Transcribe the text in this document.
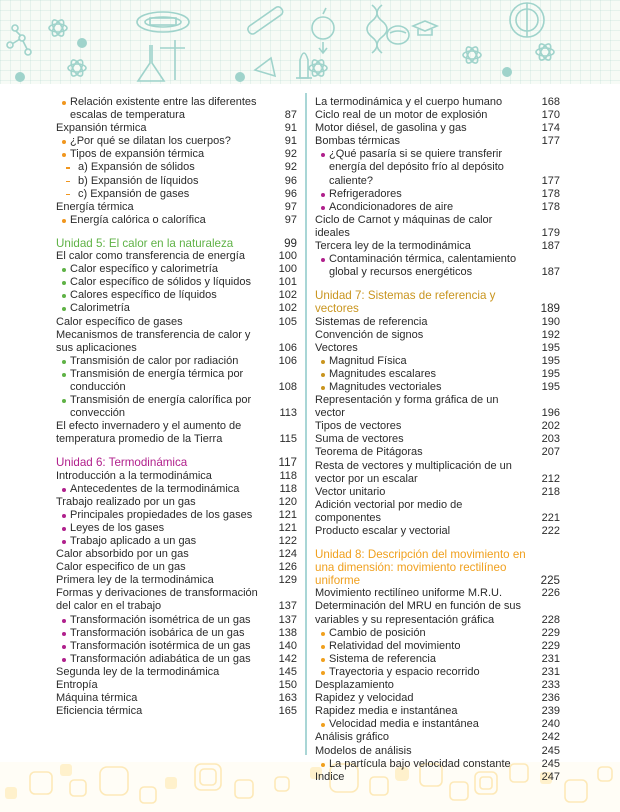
Relación existente entre las diferentes escalas de temperatura	87
Expansión térmica	91
¿Por qué se dilatan los cuerpos?	91
Tipos de expansión térmica	92
a) Expansión de sólidos	92
b) Expansión de líquidos	96
c) Expansión de gases	96
Energía térmica	97
Energía calórica o calorífica	97
Unidad 5: El calor en la naturaleza	99
El calor como transferencia de energía	100
Calor específico y calorimetría	100
Calor específico de sólidos y líquidos	101
Calores específico de líquidos	102
Calorimetría	102
Calor específico de gases	105
Mecanismos de transferencia de calor y sus aplicaciones	106
Transmisión de calor por radiación	106
Transmisión de energía térmica por conducción	108
Transmisión de energía calorífica por convección	113
El efecto invernadero y el aumento de temperatura promedio de la Tierra	115
Unidad 6: Termodinámica	117
Introducción a la termodinámica	118
Antecedentes de la termodinámica	118
Trabajo realizado por un gas	120
Principales propiedades de los gases	121
Leyes de los gases	121
Trabajo aplicado a un gas	122
Calor absorbido por un gas	124
Calor especifico de un gas	126
Primera ley de la termodinámica	129
Formas y derivaciones de transformación del calor en el trabajo	137
Transformación isométrica de un gas	137
Transformación isobárica de un gas	138
Transformación isotérmica de un gas	140
Transformación adiabática de un gas	142
Segunda ley de la termodinámica	145
Entropía	150
Máquina térmica	163
Eficiencia térmica	165
La termodinámica y el cuerpo humano	168
Ciclo real de un motor de explosión	170
Motor diésel, de gasolina y gas	174
Bombas térmicas	177
¿Qué pasaría si se quiere transferir energía del depósito frío al depósito caliente?	177
Refrigeradores	178
Acondicionadores de aire	178
Ciclo de Carnot y máquinas de calor ideales	179
Tercera ley de la termodinámica	187
Contaminación térmica, calentamiento global y recursos energéticos	187
Unidad 7: Sistemas de referencia y vectores	189
Sistemas de referencia	190
Convención de signos	192
Vectores	195
Magnitud Física	195
Magnitudes escalares	195
Magnitudes vectoriales	195
Representación y forma gráfica de un vector	196
Tipos de vectores	202
Suma de vectores	203
Teorema de Pitágoras	207
Resta de vectores y multiplicación de un vector por un escalar	212
Vector unitario	218
Adición vectorial por medio de componentes	221
Producto escalar y vectorial	222
Unidad 8: Descripción del movimiento en una dimensión: movimiento rectilíneo uniforme	225
Movimiento rectilíneo uniforme M.R.U.	226
Determinación del MRU en función de sus variables y su representación gráfica	228
Cambio de posición	229
Relatividad del movimiento	229
Sistema de referencia	231
Trayectoria y espacio recorrido	231
Desplazamiento	233
Rapidez y velocidad	236
Rapidez media e instantánea	239
Velocidad media e instantánea	240
Análisis gráfico	242
Modelos de análisis	245
La partícula bajo velocidad constante	245
Indice	247
